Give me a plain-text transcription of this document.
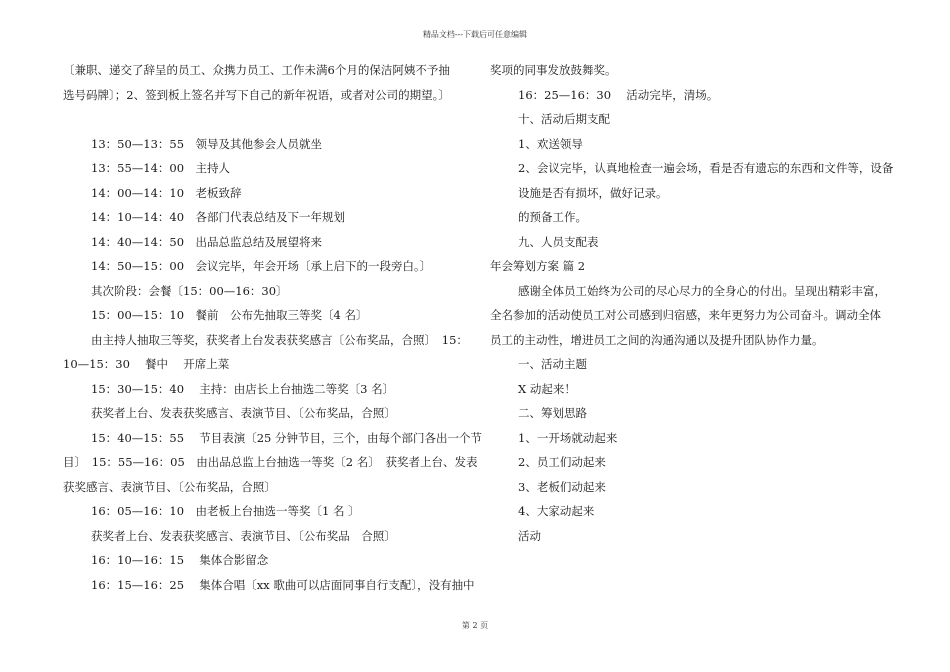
精品文档---下载后可任意编辑
〔兼职、递交了辞呈的员工、众携力员工、工作未满6个月的保洁阿姨不予抽
选号码牌〕；2、签到板上签名并写下自己的新年祝语，或者对公司的期望。〕
13：50—13：55　领导及其他参会人员就坐
13：55—14：00　主持人
14：00—14：10　老板致辞
14：10—14：40　各部门代表总结及下一年规划
14：40—14：50　出品总监总结及展望将来
14：50—15：00　会议完毕，年会开场〔承上启下的一段旁白。〕
其次阶段：会餐〔15：00—16：30〕
15：00—15：10　餐前　公布先抽取三等奖〔4 名〕
由主持人抽取三等奖，获奖者上台发表获奖感言〔公布奖品，合照〕　15：
10—15：30　 餐中　 开席上菜
15：30—15：40　 主持：由店长上台抽选二等奖〔3 名〕
获奖者上台、发表获奖感言、表演节目、〔公布奖品，合照〕
15：40—15：55　 节目表演〔25 分钟节目，三个，由每个部门各出一个节
目〕　15：55—16：05　由出品总监上台抽选一等奖〔2 名〕　获奖者上台、发表
获奖感言、表演节目、〔公布奖品，合照〕
16：05—16：10　由老板上台抽选一等奖〔1 名 〕
获奖者上台、发表获奖感言、表演节目、〔公布奖品　合照〕
16：10—16：15　 集体合影留念
16：15—16：25　 集体合唱〔xx 歌曲可以店面同事自行支配〕，没有抽中
奖项的同事发放鼓舞奖。
16：25—16：30　 活动完毕，清场。
十、活动后期支配
1、欢送领导
2、会议完毕，认真地检查一遍会场，看是否有遗忘的东西和文件等，设备
设施是否有损坏，做好记录。
的预备工作。
九、人员支配表
年会筹划方案 篇 2
感谢全体员工始终为公司的尽心尽力的全身心的付出。呈现出精彩丰富，
全名参加的活动使员工对公司感到归宿感，来年更努力为公司奋斗。调动全体
员工的主动性，增进员工之间的沟通沟通以及提升团队协作力量。
一、活动主题
X 动起来！
二、筹划思路
1、一开场就动起来
2、员工们动起来
3、老板们动起来
4、大家动起来
活动
第 2 页
